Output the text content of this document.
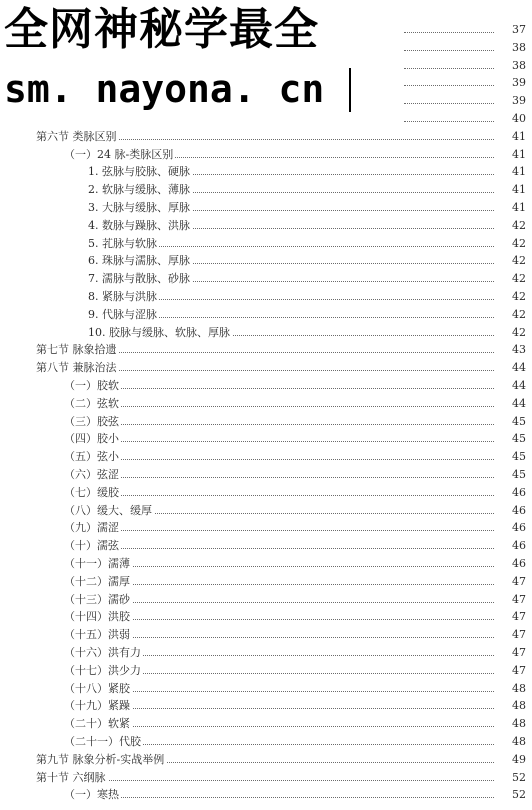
37
38
38
39
39
40
第六节 类脉区别	41
（一）24 脉-类脉区别	41
1. 弦脉与胶脉、硬脉	41
2. 软脉与缓脉、薄脉	41
3. 大脉与缓脉、厚脉	41
4. 数脉与躁脉、洪脉	42
5. 芤脉与软脉	42
6. 珠脉与濡脉、厚脉	42
7. 濡脉与散脉、砂脉	42
8. 紧脉与洪脉	42
9. 代脉与涩脉	42
10. 胶脉与缓脉、软脉、厚脉	42
第七节 脉象拾遗	43
第八节 兼脉治法	44
（一）胶软	44
（二）弦软	44
（三）胶弦	45
（四）胶小	45
（五）弦小	45
（六）弦涩	45
（七）缓胶	46
（八）缓大、缓厚	46
（九）濡涩	46
（十）濡弦	46
（十一）濡薄	46
（十二）濡厚	47
（十三）濡砂	47
（十四）洪胶	47
（十五）洪弱	47
（十六）洪有力	47
（十七）洪少力	47
（十八）紧胶	48
（十九）紧躁	48
（二十）软紧	48
（二十一）代胶	48
第九节 脉象分析-实战举例	49
第十节 六纲脉	52
（一）寒热	52
全网神秘学最全
sm. nayona. cn
